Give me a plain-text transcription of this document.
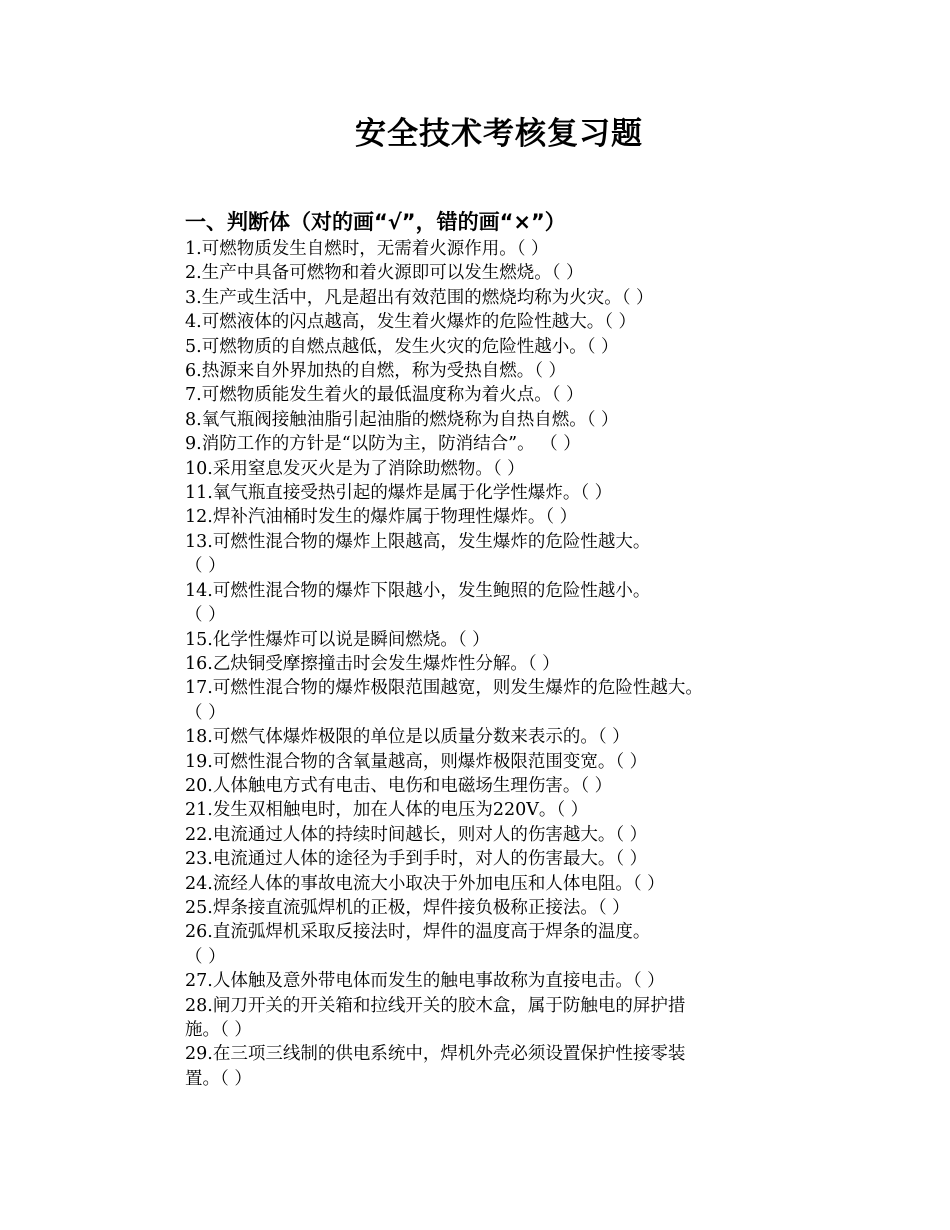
安全技术考核复习题
一、判断体（对的画“√”，错的画“×”）
1.可燃物质发生自燃时，无需着火源作用。（ ）
2.生产中具备可燃物和着火源即可以发生燃烧。（ ）
3.生产或生活中，凡是超出有效范围的燃烧均称为火灾。（ ）
4.可燃液体的闪点越高，发生着火爆炸的危险性越大。（ ）
5.可燃物质的自燃点越低，发生火灾的危险性越小。（ ）
6.热源来自外界加热的自燃，称为受热自燃。（ ）
7.可燃物质能发生着火的最低温度称为着火点。（ ）
8.氧气瓶阀接触油脂引起油脂的燃烧称为自热自燃。（ ）
9.消防工作的方针是“以防为主，防消结合”。 （ ）
10.采用窒息发灭火是为了消除助燃物。（ ）
11.氧气瓶直接受热引起的爆炸是属于化学性爆炸。（ ）
12.焊补汽油桶时发生的爆炸属于物理性爆炸。（ ）
13.可燃性混合物的爆炸上限越高，发生爆炸的危险性越大。
（ ）
14.可燃性混合物的爆炸下限越小，发生鲍照的危险性越小。
（ ）
15.化学性爆炸可以说是瞬间燃烧。（ ）
16.乙炔铜受摩擦撞击时会发生爆炸性分解。（ ）
17.可燃性混合物的爆炸极限范围越宽，则发生爆炸的危险性越大。
（ ）
18.可燃气体爆炸极限的单位是以质量分数来表示的。（ ）
19.可燃性混合物的含氧量越高，则爆炸极限范围变宽。（ ）
20.人体触电方式有电击、电伤和电磁场生理伤害。（ ）
21.发生双相触电时，加在人体的电压为220V。（ ）
22.电流通过人体的持续时间越长，则对人的伤害越大。（ ）
23.电流通过人体的途径为手到手时，对人的伤害最大。（ ）
24.流经人体的事故电流大小取决于外加电压和人体电阻。（ ）
25.焊条接直流弧焊机的正极，焊件接负极称正接法。（ ）
26.直流弧焊机采取反接法时，焊件的温度高于焊条的温度。
（ ）
27.人体触及意外带电体而发生的触电事故称为直接电击。（ ）
28.闸刀开关的开关箱和拉线开关的胶木盒，属于防触电的屏护措
施。（ ）
29.在三项三线制的供电系统中，焊机外壳必须设置保护性接零装
置。（ ）
